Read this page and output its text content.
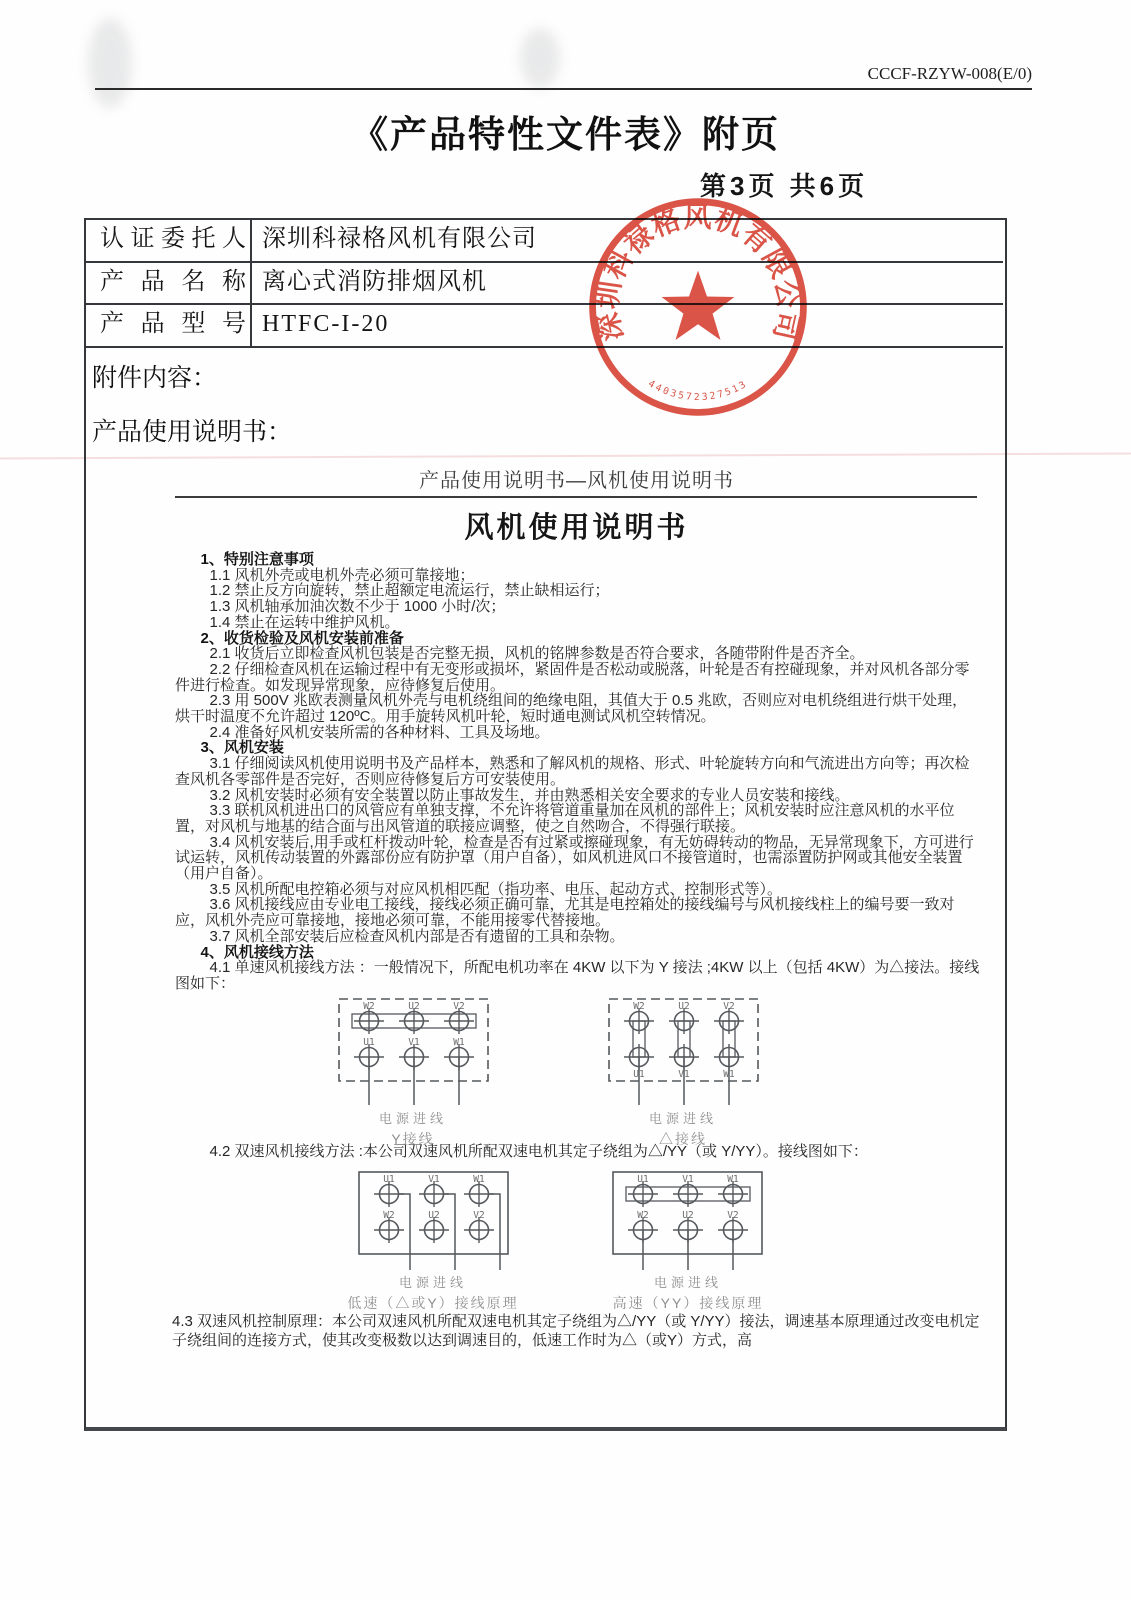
CCCF-RZYW-008(E/0)
《产品特性文件表》附页
第3页 共6页
认证委托人 深圳科禄格风机有限公司
产品名称 离心式消防排烟风机
产品型号 HTFC-I-20
附件内容：
产品使用说明书：
深圳科禄格风机有限公司
4403572327513
产品使用说明书—风机使用说明书
风机使用说明书

1、特别注意事项

1.1 风机外壳或电机外壳必须可靠接地；

1.2 禁止反方向旋转，禁止超额定电流运行，禁止缺相运行；

1.3 风机轴承加油次数不少于 1000 小时/次；

1.4 禁止在运转中维护风机。

2、收货检验及风机安装前准备

2.1 收货后立即检查风机包装是否完整无损，风机的铭牌参数是否符合要求，各随带附件是否齐全。

2.2 仔细检查风机在运输过程中有无变形或损坏，紧固件是否松动或脱落，叶轮是否有控碰现象，并对风机各部分零件进行检查。如发现异常现象，应待修复后使用。

2.3 用 500V 兆欧表测量风机外壳与电机绕组间的绝缘电阻，其值大于 0.5 兆欧，否则应对电机绕组进行烘干处理，烘干时温度不允许超过 120ºC。用手旋转风机叶轮，短时通电测试风机空转情况。

2.4 准备好风机安装所需的各种材料、工具及场地。

3、风机安装

3.1 仔细阅读风机使用说明书及产品样本，熟悉和了解风机的规格、形式、叶轮旋转方向和气流进出方向等；再次检查风机各零部件是否完好，否则应待修复后方可安装使用。

3.2 风机安装时必须有安全装置以防止事故发生，并由熟悉相关安全要求的专业人员安装和接线。

3.3 联机风机进出口的风管应有单独支撑，不允许将管道重量加在风机的部件上；风机安装时应注意风机的水平位置，对风机与地基的结合面与出风管道的联接应调整，使之自然吻合，不得强行联接。

3.4 风机安装后,用手或杠杆拨动叶轮，检查是否有过紧或擦碰现象，有无妨碍转动的物品，无异常现象下，方可进行试运转，风机传动装置的外露部份应有防护罩（用户自备），如风机进风口不接管道时，也需添置防护网或其他安全装置（用户自备）。

3.5 风机所配电控箱必须与对应风机相匹配（指功率、电压、起动方式、控制形式等）。

3.6 风机接线应由专业电工接线，接线必须正确可靠，尤其是电控箱处的接线编号与风机接线柱上的编号要一致对应，风机外壳应可靠接地，接地必须可靠，不能用接零代替接地。

3.7 风机全部安装后应检查风机内部是否有遗留的工具和杂物。

4、风机接线方法

4.1 单速风机接线方法 ：一般情况下，所配电机功率在 4KW 以下为 Y 接法 ;4KW 以上（包括 4KW）为△接法。接线图如下：

4.2 双速风机接线方法 :本公司双速风机所配双速电机其定子绕组为△/YY（或 Y/YY）。接线图如下：

4.3 双速风机控制原理：本公司双速风机所配双速电机其定子绕组为△/YY（或 Y/YY）接法，调速基本原理通过改变电机定子绕组间的连接方式，使其改变极数以达到调速目的，低速工作时为△（或Y）方式，高

W2
U1
U2
V1
V2
W1
W2
U1
U2
V1
V2
W1
U1
W2
V1
U2
W1
V2
U1
W2
V1
U2
W1
V2
电源进线
Y接线
电源进线
△接线
电源进线
低速（△或Y）接线原理
电源进线
高速（YY）接线原理
